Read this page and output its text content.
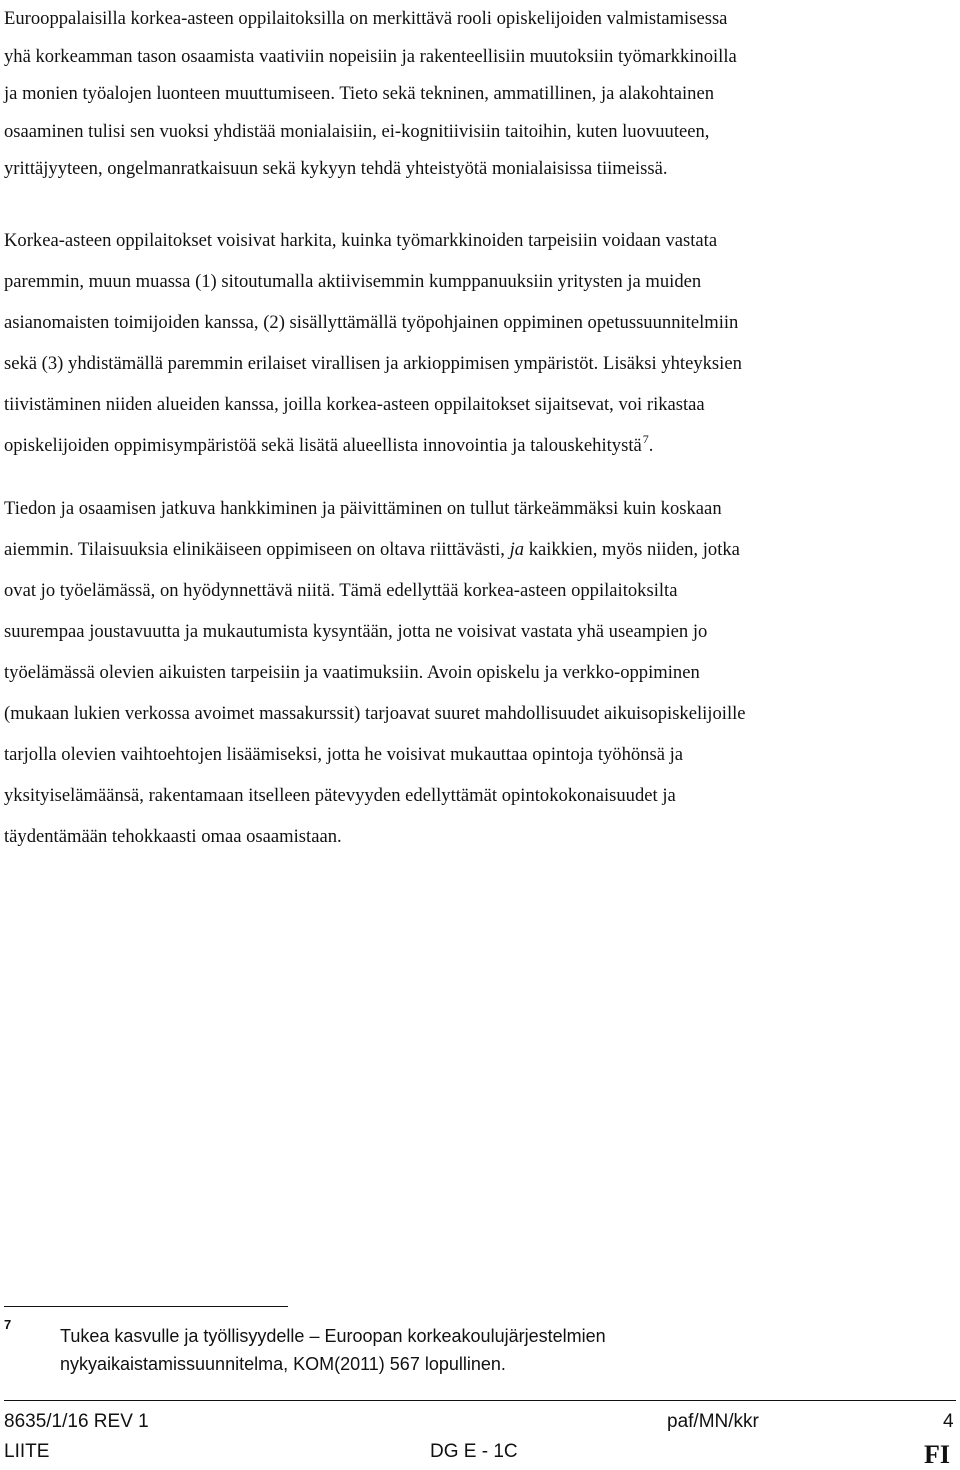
Eurooppalaisilla korkea-asteen oppilaitoksilla on merkittävä rooli opiskelijoiden valmistamisessa
yhä korkeamman tason osaamista vaativiin nopeisiin ja rakenteellisiin muutoksiin työmarkkinoilla
ja monien työalojen luonteen muuttumiseen. Tieto sekä tekninen, ammatillinen, ja alakohtainen
osaaminen tulisi sen vuoksi yhdistää monialaisiin, ei-kognitiivisiin taitoihin, kuten luovuuteen,
yrittäjyyteen, ongelmanratkaisuun sekä kykyyn tehdä yhteistyötä monialaisissa tiimeissä.
Korkea-asteen oppilaitokset voisivat harkita, kuinka työmarkkinoiden tarpeisiin voidaan vastata
paremmin, muun muassa (1) sitoutumalla aktiivisemmin kumppanuuksiin yritysten ja muiden
asianomaisten toimijoiden kanssa, (2) sisällyttämällä työpohjainen oppiminen opetussuunnitelmiin
sekä (3) yhdistämällä paremmin erilaiset virallisen ja arkioppimisen ympäristöt. Lisäksi yhteyksien
tiivistäminen niiden alueiden kanssa, joilla korkea-asteen oppilaitokset sijaitsevat, voi rikastaa
opiskelijoiden oppimisympäristöä sekä lisätä alueellista innovointia ja talouskehitystä$^7$.
Tiedon ja osaamisen jatkuva hankkiminen ja päivittäminen on tullut tärkeämmäksi kuin koskaan
aiemmin. Tilaisuuksia elinikäiseen oppimiseen on oltava riittävästi, ja kaikkien, myös niiden, jotka
ovat jo työelämässä, on hyödynnettävä niitä. Tämä edellyttää korkea-asteen oppilaitoksilta
suurempaa joustavuutta ja mukautumista kysyntään, jotta ne voisivat vastata yhä useampien jo
työelämässä olevien aikuisten tarpeisiin ja vaatimuksiin. Avoin opiskelu ja verkko-oppiminen
(mukaan lukien verkossa avoimet massakurssit) tarjoavat suuret mahdollisuudet aikuisopiskelijoille
tarjolla olevien vaihtoehtojen lisäämiseksi, jotta he voisivat mukauttaa opintoja työhönsä ja
yksityiselämäänsä, rakentamaan itselleen pätevyyden edellyttämät opintokokonaisuudet ja
täydentämään tehokkaasti omaa osaamistaan.
7
Tukea kasvulle ja työllisyydelle – Euroopan korkeakoulujärjestelmien
nykyaikaistamissuunnitelma, KOM(2011) 567 lopullinen.
8635/1/16 REV 1
LIITE
paf/MN/kkr
DG E - 1C
4
FI
